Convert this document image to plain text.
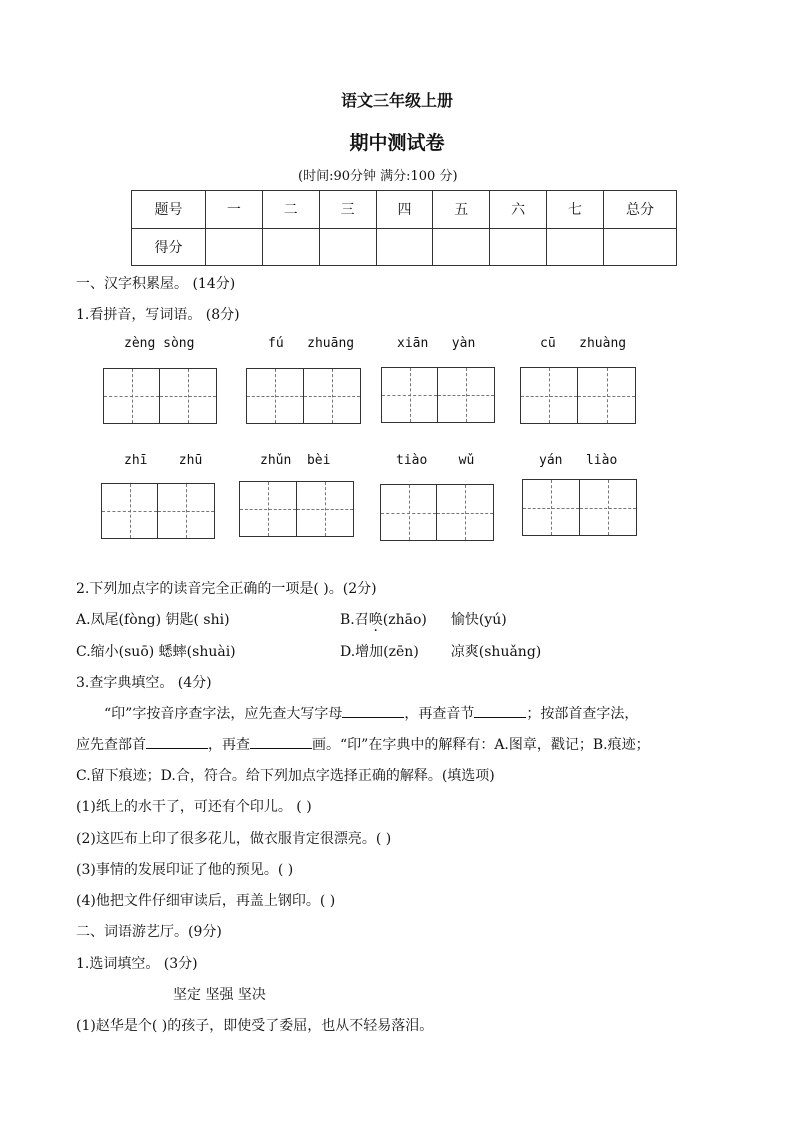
语文三年级上册
期中测试卷
(时间:90分钟 满分:100 分)
题号	一	二	三	四	五	六	七	总分
得分								
一、汉字积累屋。 (14分)
1.看拼音，写词语。 (8分)
zèng sòng	fú zhuāng	xiān yàn	cū zhuàng
zhī zhū	zhǔn bèi	tiào wǔ	yán liào
2.下列加点字的读音完全正确的一项是( )。(2分)
A.凤尾(fòng) 钥匙( shi)	B.召唤(zhāo) 愉快(yú)
C.缩小(suō) 蟋蟀(shuài)	D.增加(zēn) 凉爽(shuǎng)
3.查字典填空。 (4分)
“印”字按音序查字法，应先查大写字母	，再查音节	；按部首查字法，
应先查部首	，再查	画。“印”在字典中的解释有：A.图章，戳记；B.痕迹；
C.留下痕迹；D.合，符合。给下列加点字选择正确的解释。(填选项)
(1)纸上的水干了，可还有个印儿。 ( )
(2)这匹布上印了很多花儿，做衣服肯定很漂亮。( )
(3)事情的发展印证了他的预见。( )
(4)他把文件仔细审读后，再盖上钢印。( )
二、词语游艺厅。(9分)
1.选词填空。 (3分)
坚定 坚强 坚决
(1)赵华是个( )的孩子，即使受了委屈，也从不轻易落泪。
